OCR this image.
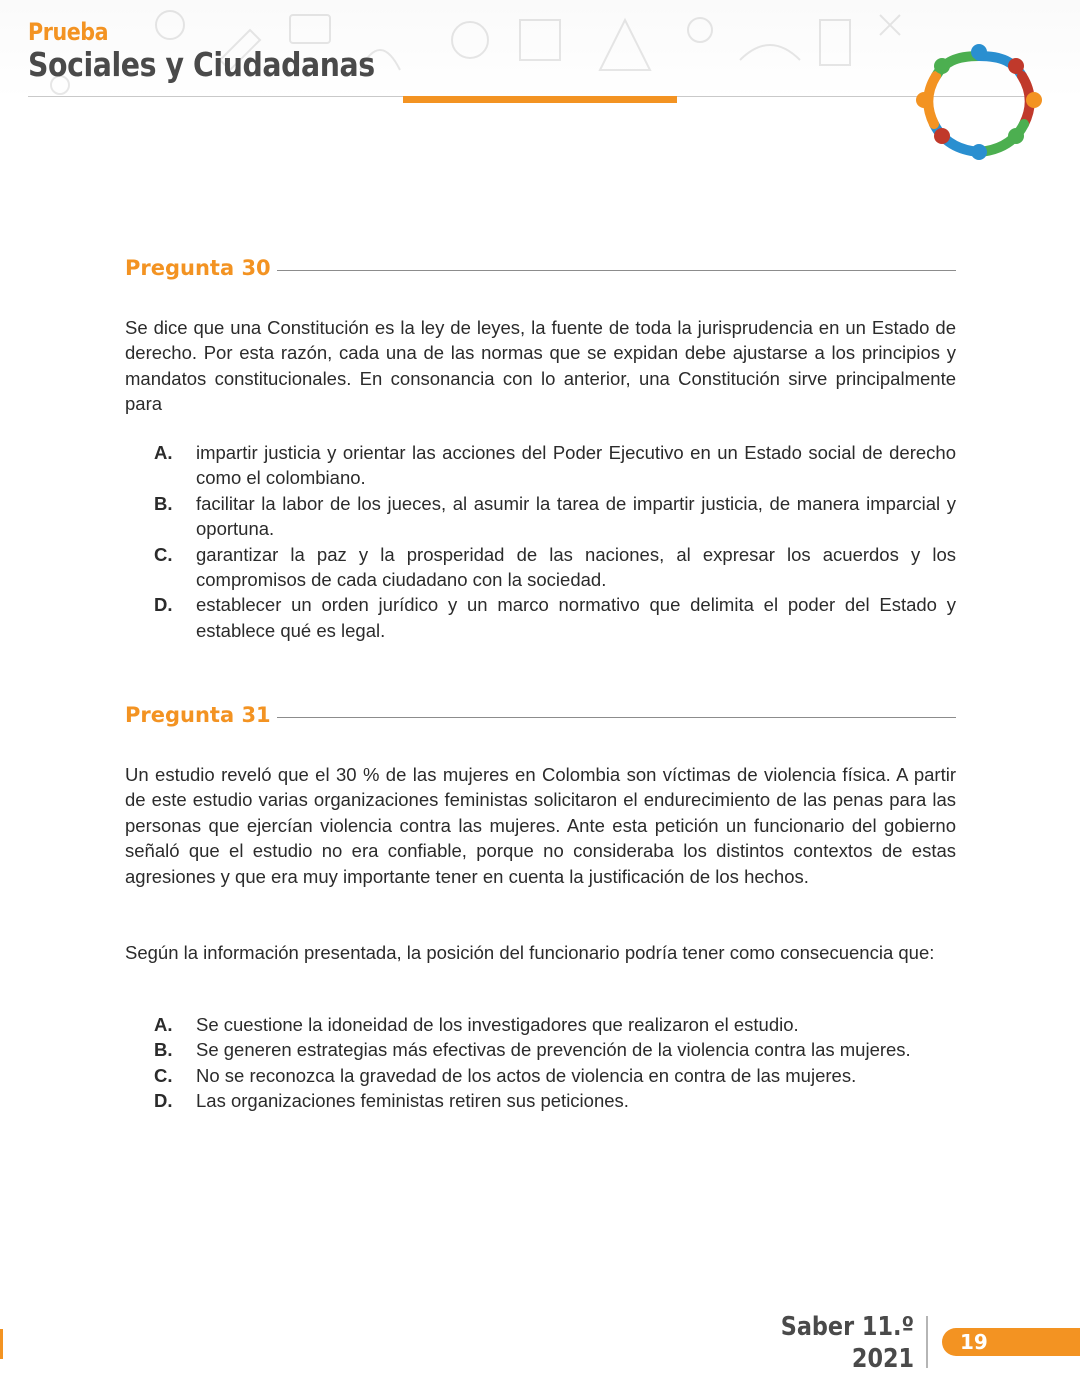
Prueba
Sociales y Ciudadanas
Pregunta 30

Se dice que una Constitución es la ley de leyes, la fuente de toda la jurisprudencia en un Estado de derecho. Por esta razón, cada una de las normas que se expidan debe ajustarse a los principios y mandatos constitucionales. En consonancia con lo anterior, una Constitución sirve principalmente para

A. impartir justicia y orientar las acciones del Poder Ejecutivo en un Estado social de derecho como el colombiano.
B. facilitar la labor de los jueces, al asumir la tarea de impartir justicia, de manera imparcial y oportuna.
C. garantizar la paz y la prosperidad de las naciones, al expresar los acuerdos y los compromisos de cada ciudadano con la sociedad.
D. establecer un orden jurídico y un marco normativo que delimita el poder del Estado y establece qué es legal.
Pregunta 31

Un estudio reveló que el 30 % de las mujeres en Colombia son víctimas de violencia física. A partir de este estudio varias organizaciones feministas solicitaron el endurecimiento de las penas para las personas que ejercían violencia contra las mujeres. Ante esta petición un funcionario del gobierno señaló que el estudio no era confiable, porque no consideraba los distintos contextos de estas agresiones y que era muy importante tener en cuenta la justificación de los hechos.

Según la información presentada, la posición del funcionario podría tener como consecuencia que:

A. Se cuestione la idoneidad de los investigadores que realizaron el estudio.
B. Se generen estrategias más efectivas de prevención de la violencia contra las mujeres.
C. No se reconozca la gravedad de los actos de violencia en contra de las mujeres.
D. Las organizaciones feministas retiren sus peticiones.
Saber 11.º
2021
19
